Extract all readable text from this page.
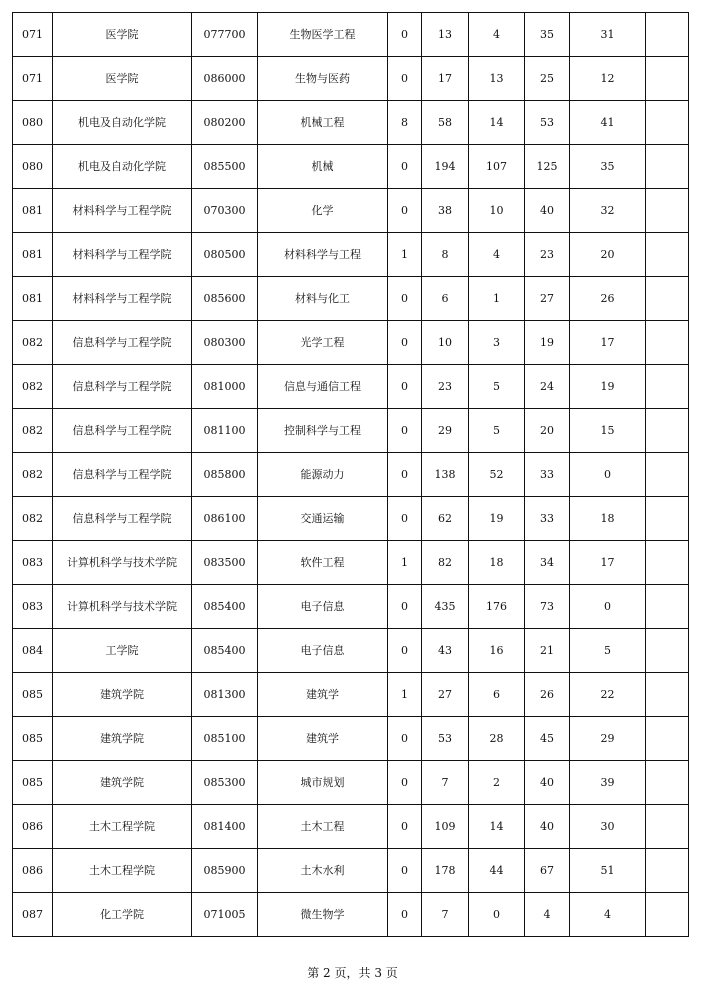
071	医学院	077700	生物医学工程	0	13	4	35	31	
071	医学院	086000	生物与医药	0	17	13	25	12	
080	机电及自动化学院	080200	机械工程	8	58	14	53	41	
080	机电及自动化学院	085500	机械	0	194	107	125	35	
081	材料科学与工程学院	070300	化学	0	38	10	40	32	
081	材料科学与工程学院	080500	材料科学与工程	1	8	4	23	20	
081	材料科学与工程学院	085600	材料与化工	0	6	1	27	26	
082	信息科学与工程学院	080300	光学工程	0	10	3	19	17	
082	信息科学与工程学院	081000	信息与通信工程	0	23	5	24	19	
082	信息科学与工程学院	081100	控制科学与工程	0	29	5	20	15	
082	信息科学与工程学院	085800	能源动力	0	138	52	33	0	
082	信息科学与工程学院	086100	交通运输	0	62	19	33	18	
083	计算机科学与技术学院	083500	软件工程	1	82	18	34	17	
083	计算机科学与技术学院	085400	电子信息	0	435	176	73	0	
084	工学院	085400	电子信息	0	43	16	21	5	
085	建筑学院	081300	建筑学	1	27	6	26	22	
085	建筑学院	085100	建筑学	0	53	28	45	29	
085	建筑学院	085300	城市规划	0	7	2	40	39	
086	土木工程学院	081400	土木工程	0	109	14	40	30	
086	土木工程学院	085900	土木水利	0	178	44	67	51	
087	化工学院	071005	微生物学	0	7	0	4	4	
第 2 页，共 3 页
